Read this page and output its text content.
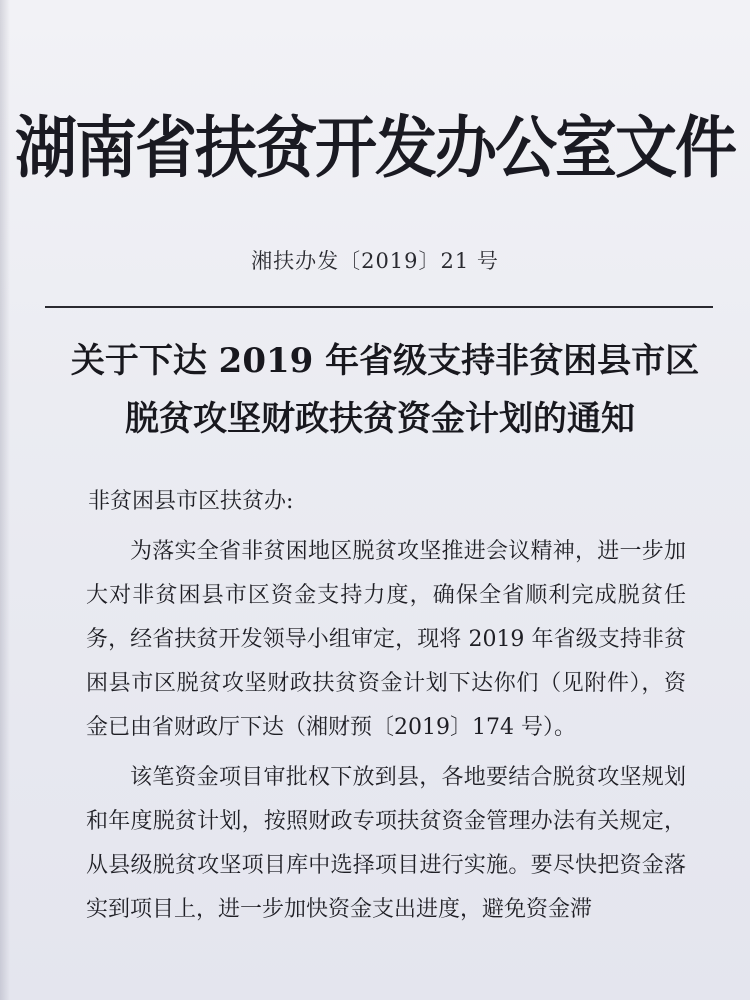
湖南省扶贫开发办公室文件
湘扶办发〔2019〕21 号
关于下达 2019 年省级支持非贫困县市区
脱贫攻坚财政扶贫资金计划的通知
非贫困县市区扶贫办:

为落实全省非贫困地区脱贫攻坚推进会议精神，进一步加大对非贫困县市区资金支持力度，确保全省顺利完成脱贫任务，经省扶贫开发领导小组审定，现将 2019 年省级支持非贫困县市区脱贫攻坚财政扶贫资金计划下达你们（见附件），资金已由省财政厅下达（湘财预〔2019〕174 号）。

该笔资金项目审批权下放到县，各地要结合脱贫攻坚规划和年度脱贫计划，按照财政专项扶贫资金管理办法有关规定，从县级脱贫攻坚项目库中选择项目进行实施。要尽快把资金落实到项目上，进一步加快资金支出进度，避免资金滞
